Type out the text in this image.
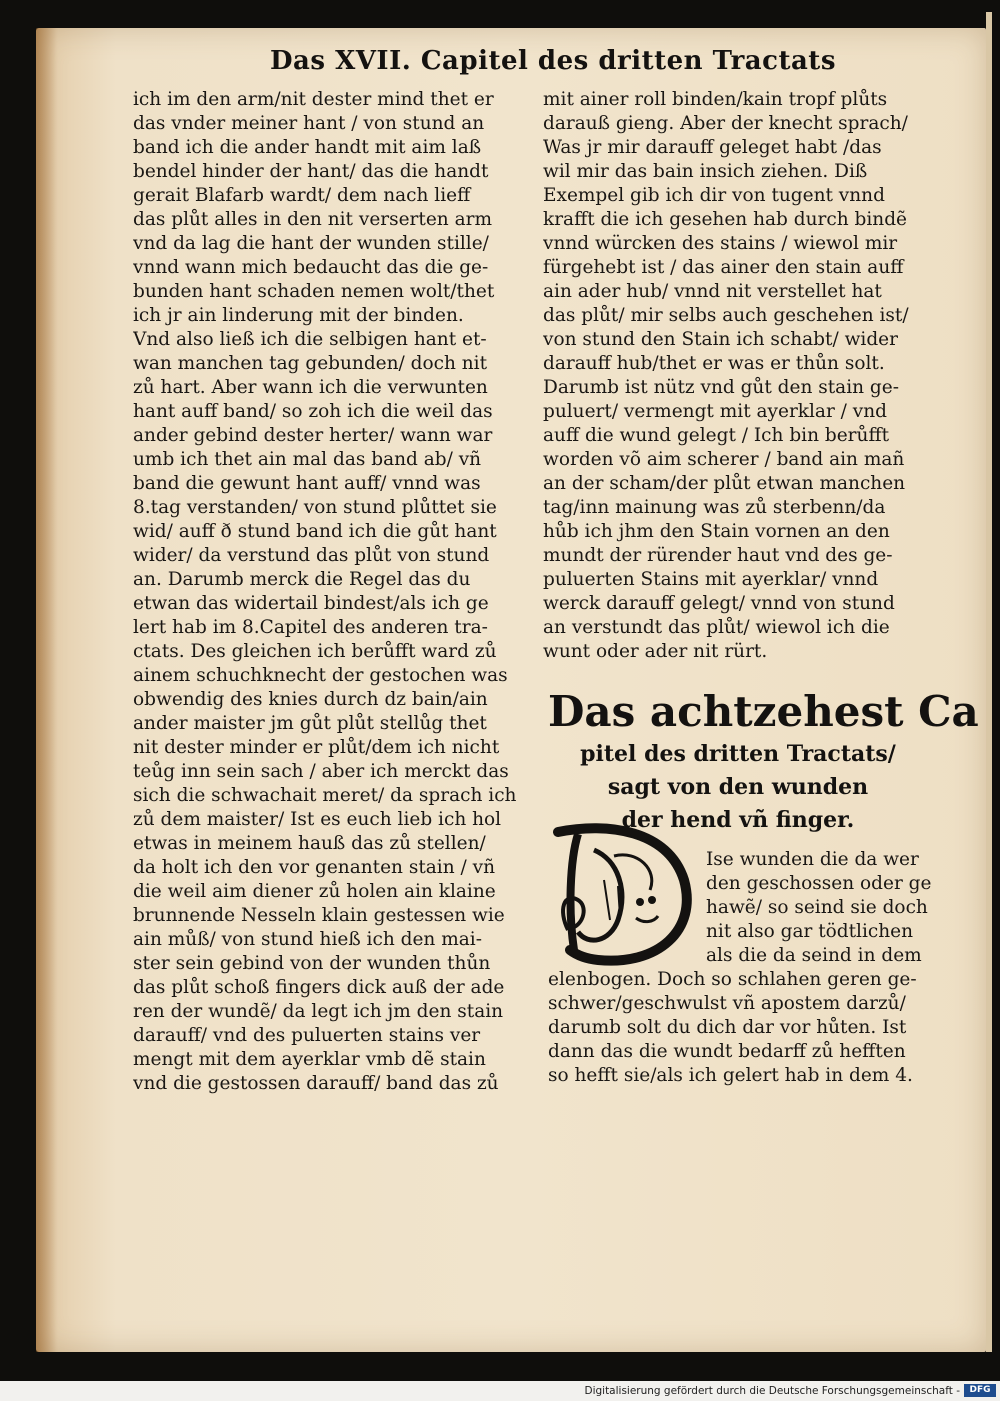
Das XVII. Capitel des dritten Tractats
ich im den arm/nit dester mind thet er
das vnder meiner hant / von stund an
band ich die ander handt mit aim laß
bendel hinder der hant/ das die handt
gerait Blafarb wardt/ dem nach lieff
das plůt alles in den nit verserten arm
vnd da lag die hant der wunden stille/
vnnd wann mich bedaucht das die ge-
bunden hant schaden nemen wolt/thet
ich jr ain linderung mit der binden.
Vnd also ließ ich die selbigen hant et-
wan manchen tag gebunden/ doch nit
zů hart. Aber wann ich die verwunten
hant auff band/ so zoh ich die weil das
ander gebind dester herter/ wann war
umb ich thet ain mal das band ab/ vñ
band die gewunt hant auff/ vnnd was
8.tag verstanden/ von stund plůttet sie
wid/ auff ð stund band ich die gůt hant
wider/ da verstund das plůt von stund
an. Darumb merck die Regel das du
etwan das widertail bindest/als ich ge
lert hab im 8.Capitel des anderen tra-
ctats. Des gleichen ich berůfft ward zů
ainem schuchknecht der gestochen was
obwendig des knies durch dz bain/ain
ander maister jm gůt plůt stellůg thet
nit dester minder er plůt/dem ich nicht
teůg inn sein sach / aber ich merckt das
sich die schwachait meret/ da sprach ich
zů dem maister/ Ist es euch lieb ich hol
etwas in meinem hauß das zů stellen/
da holt ich den vor genanten stain / vñ
die weil aim diener zů holen ain klaine
brunnende Nesseln klain gestessen wie
ain můß/ von stund hieß ich den mai-
ster sein gebind von der wunden thůn
das plůt schoß fingers dick auß der ade
ren der wundẽ/ da legt ich jm den stain
darauff/ vnd des puluerten stains ver
mengt mit dem ayerklar vmb dẽ stain
vnd die gestossen darauff/ band das zů
mit ainer roll binden/kain tropf plůts
darauß gieng. Aber der knecht sprach/
Was jr mir darauff geleget habt /das
wil mir das bain insich ziehen. Diß
Exempel gib ich dir von tugent vnnd
krafft die ich gesehen hab durch bindẽ
vnnd würcken des stains / wiewol mir
fürgehebt ist / das ainer den stain auff
ain ader hub/ vnnd nit verstellet hat
das plůt/ mir selbs auch geschehen ist/
von stund den Stain ich schabt/ wider
darauff hub/thet er was er thůn solt.
Darumb ist nütz vnd gůt den stain ge-
puluert/ vermengt mit ayerklar / vnd
auff die wund gelegt / Ich bin berůfft
worden võ aim scherer / band ain mañ
an der scham/der plůt etwan manchen
tag/inn mainung was zů sterbenn/da
hůb ich jhm den Stain vornen an den
mundt der rürender haut vnd des ge-
puluerten Stains mit ayerklar/ vnnd
werck darauff gelegt/ vnnd von stund
an verstundt das plůt/ wiewol ich die
wunt oder ader nit rürt.
Das achtzehest Ca
pitel des dritten Tractats/
sagt von den wunden
der hend vñ finger.
Ise wunden die da wer
den geschossen oder ge
hawẽ/ so seind sie doch
nit also gar tödtlichen
als die da seind in dem
elenbogen. Doch so schlahen geren ge-
schwer/geschwulst vñ apostem darzů/
darumb solt du dich dar vor hůten. Ist
dann das die wundt bedarff zů hefften
so hefft sie/als ich gelert hab in dem 4.
Digitalisierung gefördert durch die Deutsche Forschungsgemeinschaft -	DFG
